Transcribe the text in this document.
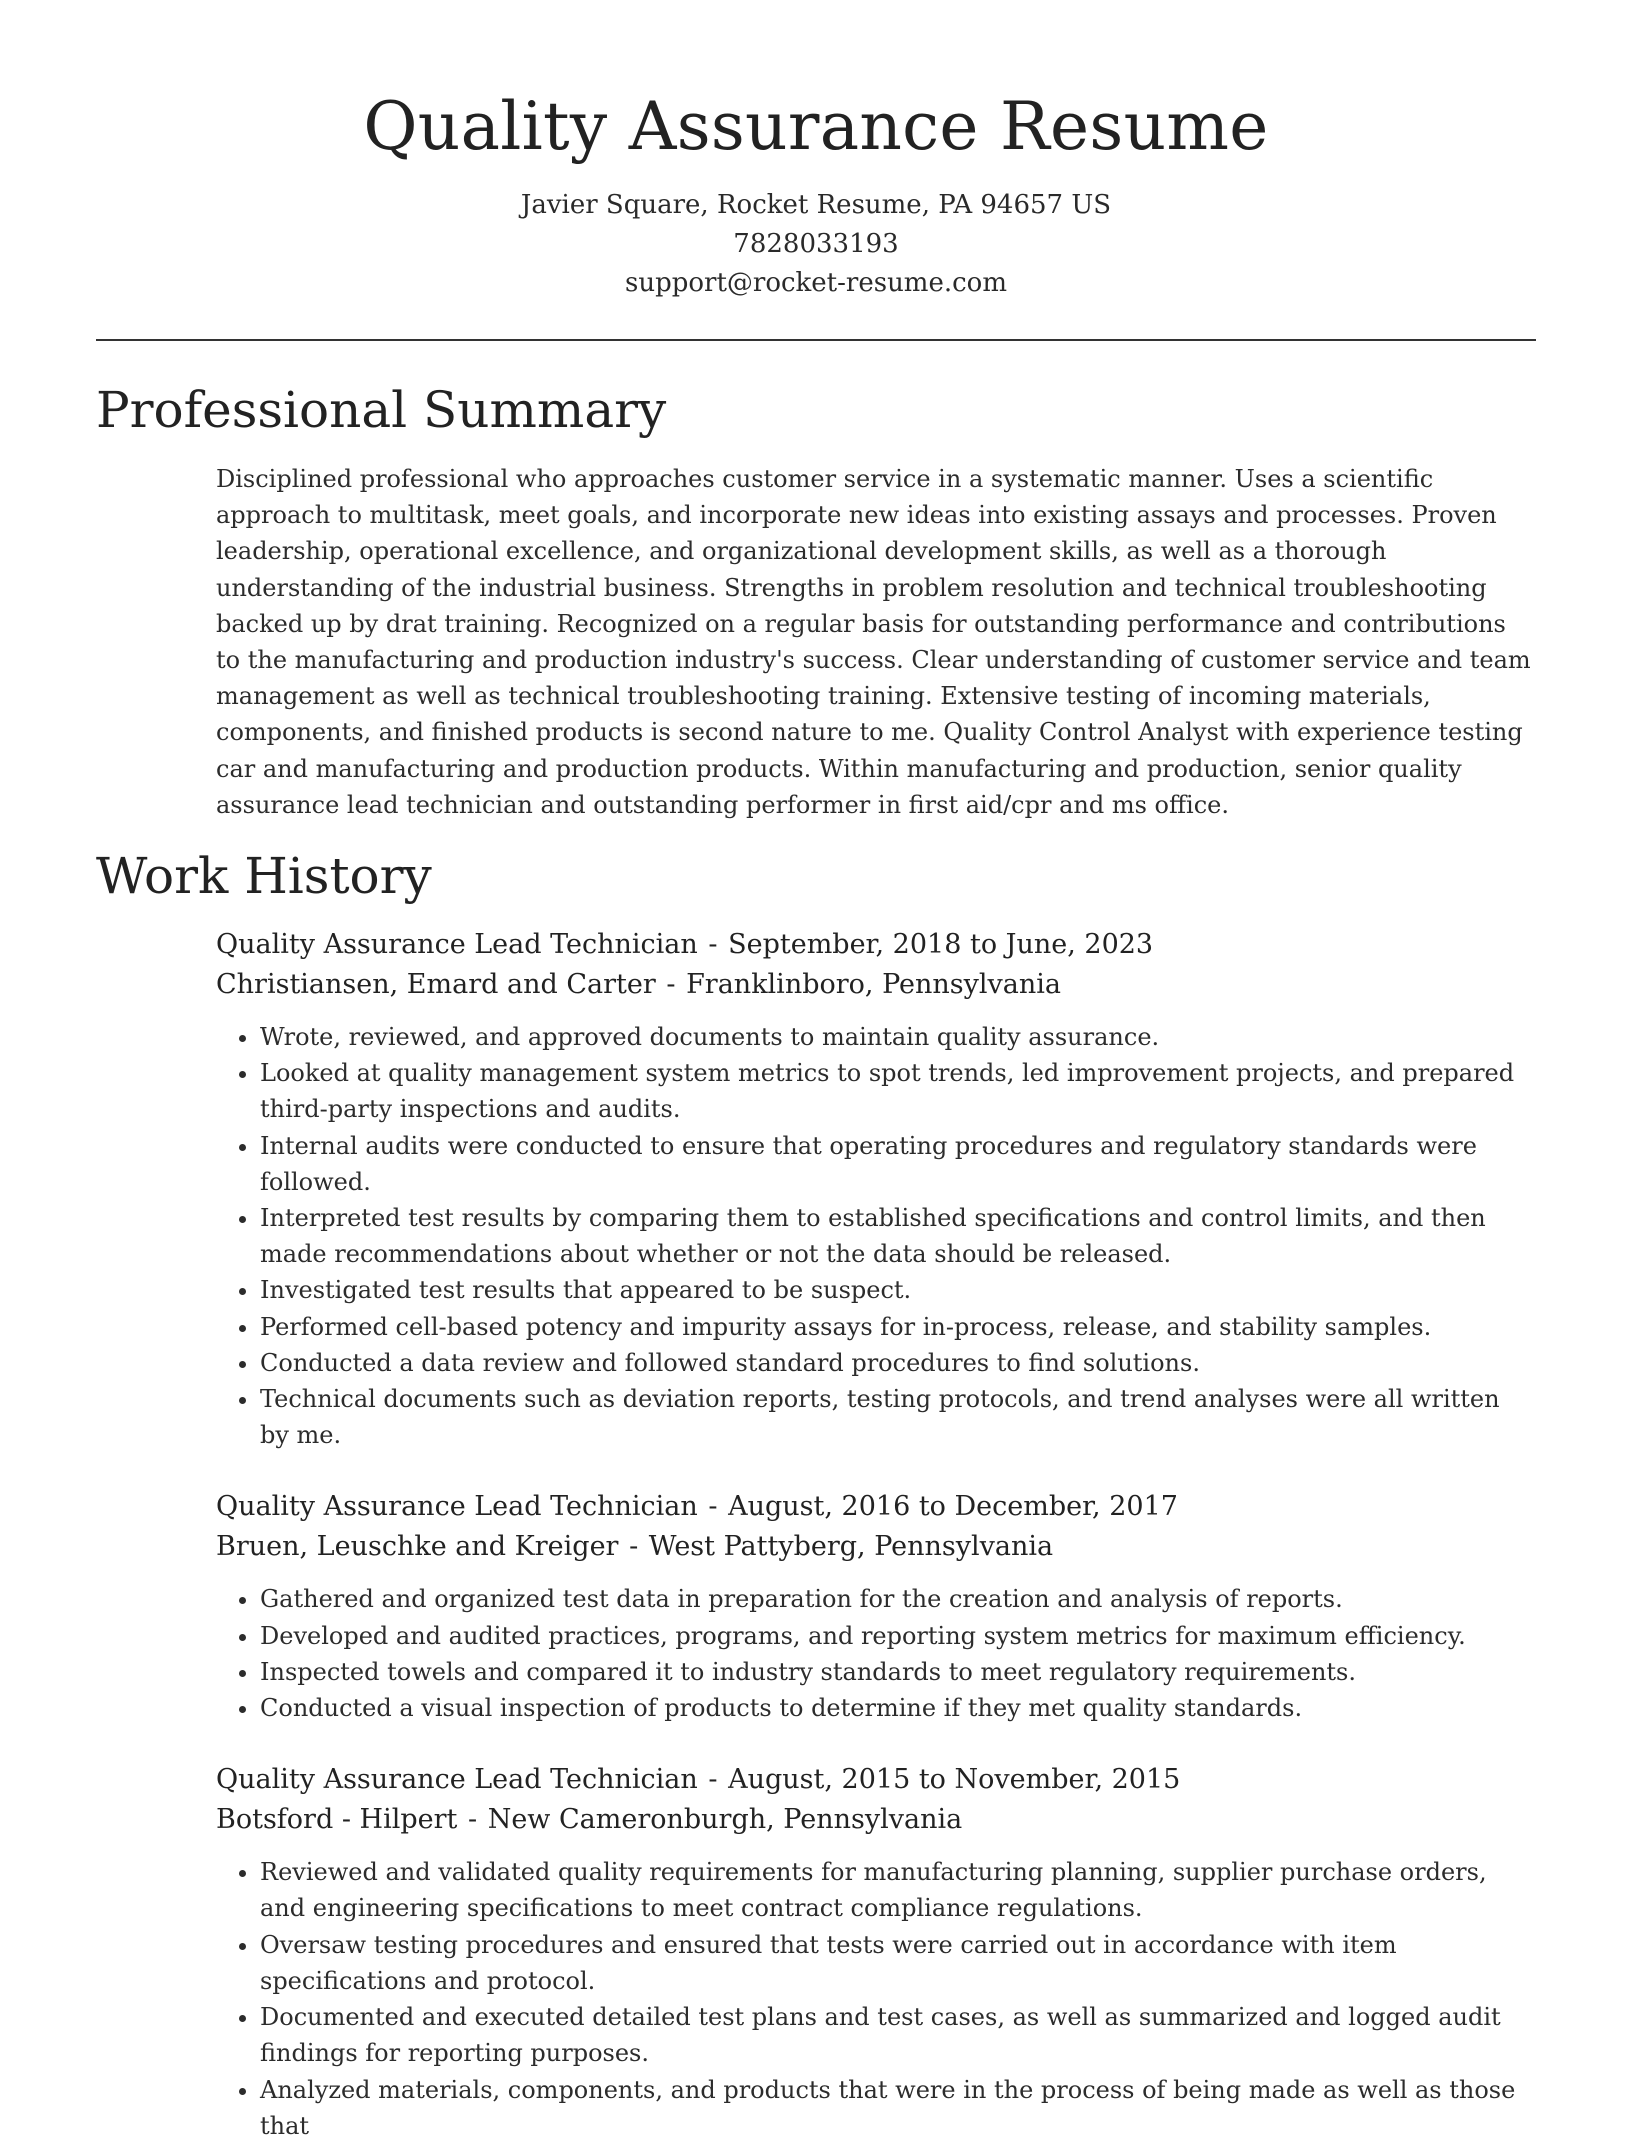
Quality Assurance Resume
Javier Square, Rocket Resume, PA 94657 US
7828033193
support@rocket-resume.com
Professional Summary

Disciplined professional who approaches customer service in a systematic manner. Uses a scientific approach to multitask, meet goals, and incorporate new ideas into existing assays and processes. Proven leadership, operational excellence, and organizational development skills, as well as a thorough understanding of the industrial business. Strengths in problem resolution and technical troubleshooting backed up by drat training. Recognized on a regular basis for outstanding performance and contributions to the manufacturing and production industry's success. Clear understanding of customer service and team management as well as technical troubleshooting training. Extensive testing of incoming materials, components, and finished products is second nature to me. Quality Control Analyst with experience testing car and manufacturing and production products. Within manufacturing and production, senior quality assurance lead technician and outstanding performer in first aid/cpr and ms office.

Work History
Quality Assurance Lead Technician - September, 2018 to June, 2023
Christiansen, Emard and Carter - Franklinboro, Pennsylvania
• Wrote, reviewed, and approved documents to maintain quality assurance.
• Looked at quality management system metrics to spot trends, led improvement projects, and prepared third-party inspections and audits.
• Internal audits were conducted to ensure that operating procedures and regulatory standards were followed.
• Interpreted test results by comparing them to established specifications and control limits, and then made recommendations about whether or not the data should be released.
• Investigated test results that appeared to be suspect.
• Performed cell-based potency and impurity assays for in-process, release, and stability samples.
• Conducted a data review and followed standard procedures to find solutions.
• Technical documents such as deviation reports, testing protocols, and trend analyses were all written by me.
Quality Assurance Lead Technician - August, 2016 to December, 2017
Bruen, Leuschke and Kreiger - West Pattyberg, Pennsylvania
• Gathered and organized test data in preparation for the creation and analysis of reports.
• Developed and audited practices, programs, and reporting system metrics for maximum efficiency.
• Inspected towels and compared it to industry standards to meet regulatory requirements.
• Conducted a visual inspection of products to determine if they met quality standards.
Quality Assurance Lead Technician - August, 2015 to November, 2015
Botsford - Hilpert - New Cameronburgh, Pennsylvania
• Reviewed and validated quality requirements for manufacturing planning, supplier purchase orders, and engineering specifications to meet contract compliance regulations.
• Oversaw testing procedures and ensured that tests were carried out in accordance with item specifications and protocol.
• Documented and executed detailed test plans and test cases, as well as summarized and logged audit findings for reporting purposes.
• Analyzed materials, components, and products that were in the process of being made as well as those that
